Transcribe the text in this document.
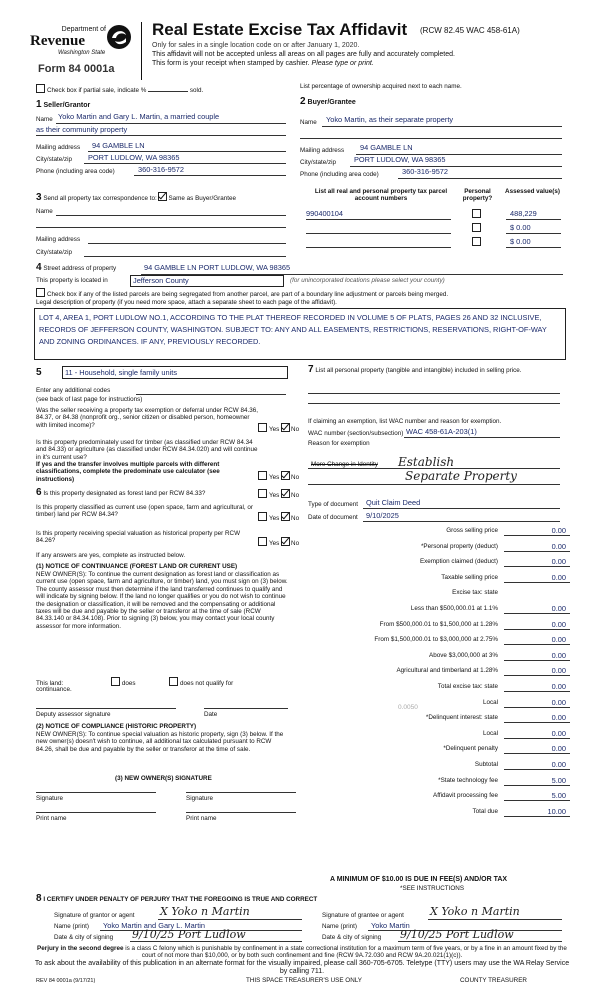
Department of
Revenue
Washington State
Form 84 0001a
Real Estate Excise Tax Affidavit (RCW 82.45 WAC 458-61A)
Only for sales in a single location code on or after January 1, 2020.
This affidavit will not be accepted unless all areas on all pages are fully and accurately completed.
This form is your receipt when stamped by cashier. Please type or print.
Check box if partial sale, indicate %	sold.
List percentage of ownership acquired next to each name.
1 Seller/Grantor
Name Yoko Martin and Gary L. Martin, a married couple
as their community property
Mailing address 94 GAMBLE LN
City/state/zip PORT LUDLOW, WA 98365
Phone (including area code)	360-316-9572
2 Buyer/Grantee
Name Yoko Martin, as their separate property
Mailing address 94 GAMBLE LN
City/state/zip PORT LUDLOW, WA 98365
Phone (including area code)	360-316-9572
3 Send all property tax correspondence to: Same as Buyer/Grantee
Name
Mailing address
City/state/zip
List all real and personal property tax parcel account numbers
Personal property?
Assessed value(s)
990400104	488,229
$ 0.00
$ 0.00
4 Street address of property	94 GAMBLE LN PORT LUDLOW, WA 98365
This property is located in	Jefferson County	(for unincorporated locations please select your county)
Check box if any of the listed parcels are being segregated from another parcel, are part of a boundary line adjustment or parcels being merged.
Legal description of property (if you need more space, attach a separate sheet to each page of the affidavit).
LOT 4, AREA 1, PORT LUDLOW NO.1, ACCORDING TO THE PLAT THEREOF RECORDED IN VOLUME 5 OF PLATS, PAGES 26 AND 32 INCLUSIVE, RECORDS OF JEFFERSON COUNTY, WASHINGTON. SUBJECT TO: ANY AND ALL EASEMENTS, RESTRICTIONS, RESERVATIONS, RIGHT-OF-WAY AND ZONING ORDINANCES. IF ANY, PREVIOUSLY RECORDED.
5	11 - Household, single family units
Enter any additional codes
(see back of last page for instructions)
Was the seller receiving a property tax exemption or deferral under RCW 84.36, 84.37, or 84.38 (nonprofit org., senior citizen or disabled person, homeowner with limited income)?
Yes No
Is this property predominately used for timber (as classified under RCW 84.34 and 84.33) or agriculture (as classified under RCW 84.34.020) and will continue in it's current use?
If yes and the transfer involves multiple parcels with different classifications, complete the predominate use calculator (see instructions)	Yes No
6 Is this property designated as forest land per RCW 84.33?	Yes No
Is this property classified as current use (open space, farm and agricultural, or timber) land per RCW 84.34?
Yes No
Is this property receiving special valuation as historical property per RCW 84.26?	Yes No
If any answers are yes, complete as instructed below.
(1) NOTICE OF CONTINUANCE (FOREST LAND OR CURRENT USE)
NEW OWNER(S): To continue the current designation as forest land or classification as current use (open space, farm and agriculture, or timber) land, you must sign on (3) below. The county assessor must then determine if the land transferred continues to qualify and will indicate by signing below. If the land no longer qualifies or you do not wish to continue the designation or classification, it will be removed and the compensating or additional taxes will be due and payable by the seller or transferor at the time of sale (RCW 84.33.140 or 84.34.108). Prior to signing (3) below, you may contact your local county assessor for more information.
This land:	does	does not qualify for
continuance.
Deputy assessor signature	Date
(2) NOTICE OF COMPLIANCE (HISTORIC PROPERTY)
NEW OWNER(S): To continue special valuation as historic property, sign (3) below. If the new owner(s) doesn't wish to continue, all additional tax calculated pursuant to RCW 84.26, shall be due and payable by the seller or transferor at the time of sale.
(3) NEW OWNER(S) SIGNATURE
Signature	Signature
Print name	Print name
7 List all personal property (tangible and intangible) included in selling price.
If claiming an exemption, list WAC number and reason for exemption.
WAC number (section/subsection) WAC 458-61A-203(1)
Reason for exemption
More Change in Identity Establish
Separate Property
Type of document Quit Claim Deed
Date of document 9/10/2025
Gross selling price	0.00
*Personal property (deduct)	0.00
Exemption claimed (deduct)	0.00
Taxable selling price	0.00
Excise tax: state
Less than $500,000.01 at 1.1%	0.00
From $500,000.01 to $1,500,000 at 1.28%	0.00
From $1,500,000.01 to $3,000,000 at 2.75%	0.00
Above $3,000,000 at 3%	0.00
Agricultural and timberland at 1.28%	0.00
Total excise tax: state	0.00
Local	0.00
*Delinquent interest: state	0.00
Local	0.00
*Delinquent penalty	0.00
Subtotal	0.00
*State technology fee	5.00
Affidavit processing fee	5.00
Total due	10.00
0.0050
A MINIMUM OF $10.00 IS DUE IN FEE(S) AND/OR TAX
*SEE INSTRUCTIONS
8 I CERTIFY UNDER PENALTY OF PERJURY THAT THE FOREGOING IS TRUE AND CORRECT
Signature of grantor or agent X Yoko n Martin
Name (print) Yoko Martin and Gary L. Martin
Date & city of signing 9/10/25 Port Ludlow
Signature of grantee or agent X Yoko n Martin
Name (print) Yoko Martin
Date & city of signing 9/10/25 Port Ludlow
Perjury in the second degree is a class C felony which is punishable by confinement in a state correctional institution for a maximum term of five years, or by a fine in an amount fixed by the court of not more than $10,000, or by both such confinement and fine (RCW 9A.72.030 and RCW 9A.20.021(1)(c)).
To ask about the availability of this publication in an alternate format for the visually impaired, please call 360-705-6705. Teletype (TTY) users may use the WA Relay Service by calling 711.
REV 84 0001a (9/17/21)	THIS SPACE TREASURER'S USE ONLY	COUNTY TREASURER
